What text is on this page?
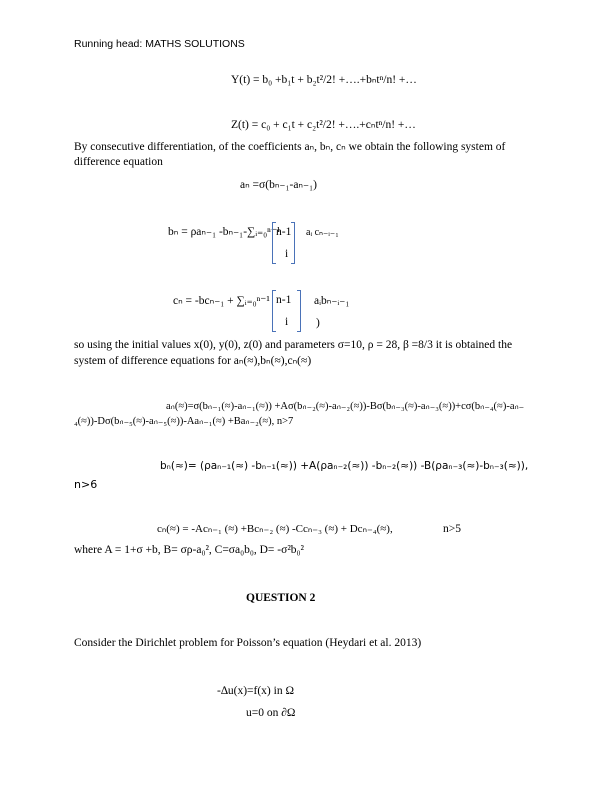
Running head: MATHS SOLUTIONS
Y(t) = b₀ +b₁t + b₂t²/2! +….+bₙtⁿ/n! +…
Z(t) = c₀ + c₁t + c₂t²/2! +….+cₙtⁿ/n! +…
By consecutive differentiation, of the coefficients aₙ, bₙ, cₙ we obtain the following system of
difference equation
aₙ =σ(bₙ₋₁-aₙ₋₁)
bₙ = ρaₙ₋₁ -bₙ₋₁-∑ᵢ₌₀ⁿ⁻¹
n-1
i
aᵢ cₙ₋ᵢ₋₁
cₙ = -bcₙ₋₁ + ∑ᵢ₌₀ⁿ⁻¹ n-1
i
aᵢbₙ₋ᵢ₋₁
)
so using the initial values x(0), y(0), z(0) and parameters σ=10, ρ = 28, β =8/3 it is obtained the
system of difference equations for aₙ(≈),bₙ(≈),cₙ(≈)
aₙ(≈)=σ(bₙ₋₁(≈)-aₙ₋₁(≈)) +Aσ(bₙ₋₂(≈)-aₙ₋₂(≈))-Bσ(bₙ₋₃(≈)-aₙ₋₃(≈))+cσ(bₙ₋₄(≈)-aₙ₋
₄(≈))-Dσ(bₙ₋₅(≈)-aₙ₋₅(≈))-Aaₙ₋₁(≈) +Baₙ₋₂(≈), n>7
bₙ(≈)= (ρaₙ₋₁(≈) -bₙ₋₁(≈)) +A(ρaₙ₋₂(≈)) -bₙ₋₂(≈)) -B(ρaₙ₋₃(≈)-bₙ₋₃(≈)),
n>6
cₙ(≈) = -Acₙ₋₁ (≈) +Bcₙ₋₂ (≈) -Ccₙ₋₃ (≈) + Dcₙ₋₄(≈),	n>5
where A = 1+σ +b, B= σρ-a₀², C=σa₀b₀, D= -σ²b₀²
QUESTION 2
Consider the Dirichlet problem for Poisson’s equation (Heydari et al. 2013)
-∆u(x)=f(x) in Ω
u=0 on ∂Ω
